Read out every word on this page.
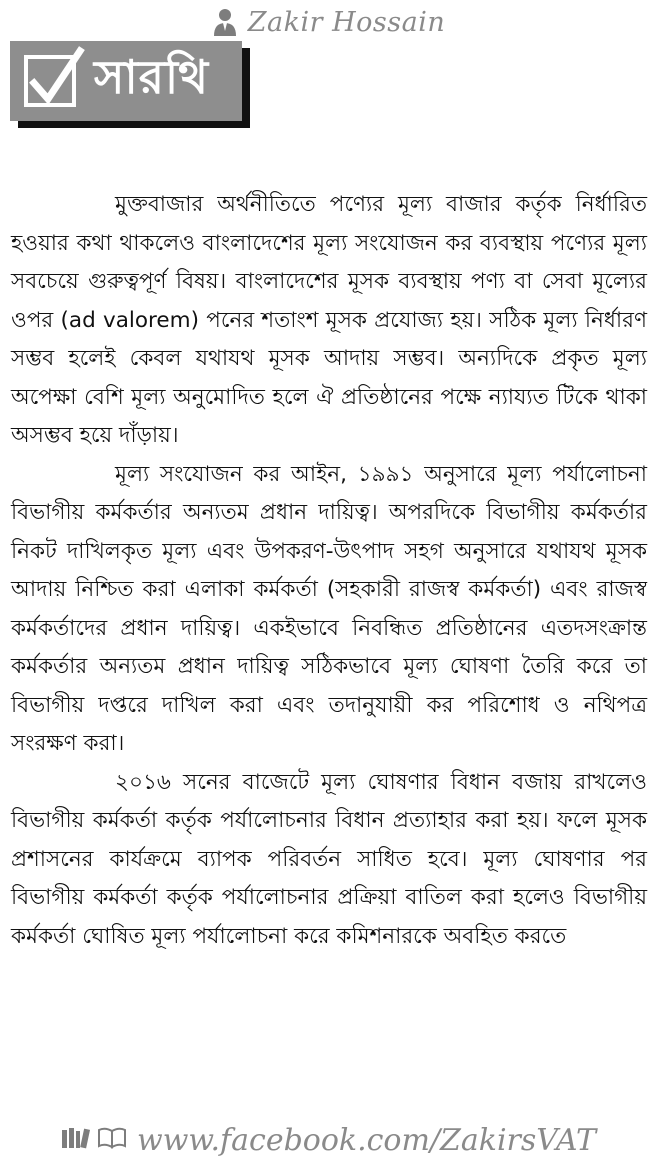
Zakir Hossain
সারথি

মুক্তবাজার অর্থনীতিতে পণ্যের মূল্য বাজার কর্তৃক নির্ধারিত হওয়ার কথা থাকলেও বাংলাদেশের মূল্য সংযোজন কর ব্যবস্থায় পণ্যের মূল্য সবচেয়ে গুরুত্বপূর্ণ বিষয়। বাংলাদেশের মূসক ব্যবস্থায় পণ্য বা সেবা মূল্যের ওপর (ad valorem) পনের শতাংশ মূসক প্রযোজ্য হয়। সঠিক মূল্য নির্ধারণ সম্ভব হলেই কেবল যথাযথ মূসক আদায় সম্ভব। অন্যদিকে প্রকৃত মূল্য অপেক্ষা বেশি মূল্য অনুমোদিত হলে ঐ প্রতিষ্ঠানের পক্ষে ন্যায্যত টিকে থাকা অসম্ভব হয়ে দাঁড়ায়।

মূল্য সংযোজন কর আইন, ১৯৯১ অনুসারে মূল্য পর্যালোচনা বিভাগীয় কর্মকর্তার অন্যতম প্রধান দায়িত্ব। অপরদিকে বিভাগীয় কর্মকর্তার নিকট দাখিলকৃত মূল্য এবং উপকরণ-উৎপাদ সহগ অনুসারে যথাযথ মূসক আদায় নিশ্চিত করা এলাকা কর্মকর্তা (সহকারী রাজস্ব কর্মকর্তা) এবং রাজস্ব কর্মকর্তাদের প্রধান দায়িত্ব। একইভাবে নিবন্ধিত প্রতিষ্ঠানের এতদসংক্রান্ত কর্মকর্তার অন্যতম প্রধান দায়িত্ব সঠিকভাবে মূল্য ঘোষণা তৈরি করে তা বিভাগীয় দপ্তরে দাখিল করা এবং তদানুযায়ী কর পরিশোধ ও নথিপত্র সংরক্ষণ করা।

২০১৬ সনের বাজেটে মূল্য ঘোষণার বিধান বজায় রাখলেও বিভাগীয় কর্মকর্তা কর্তৃক পর্যালোচনার বিধান প্রত্যাহার করা হয়। ফলে মূসক প্রশাসনের কার্যক্রমে ব্যাপক পরিবর্তন সাধিত হবে। মূল্য ঘোষণার পর বিভাগীয় কর্মকর্তা কর্তৃক পর্যালোচনার প্রক্রিয়া বাতিল করা হলেও বিভাগীয় কর্মকর্তা ঘোষিত মূল্য পর্যালোচনা করে কমিশনারকে অবহিত করতে

www.facebook.com/ZakirsVAT
